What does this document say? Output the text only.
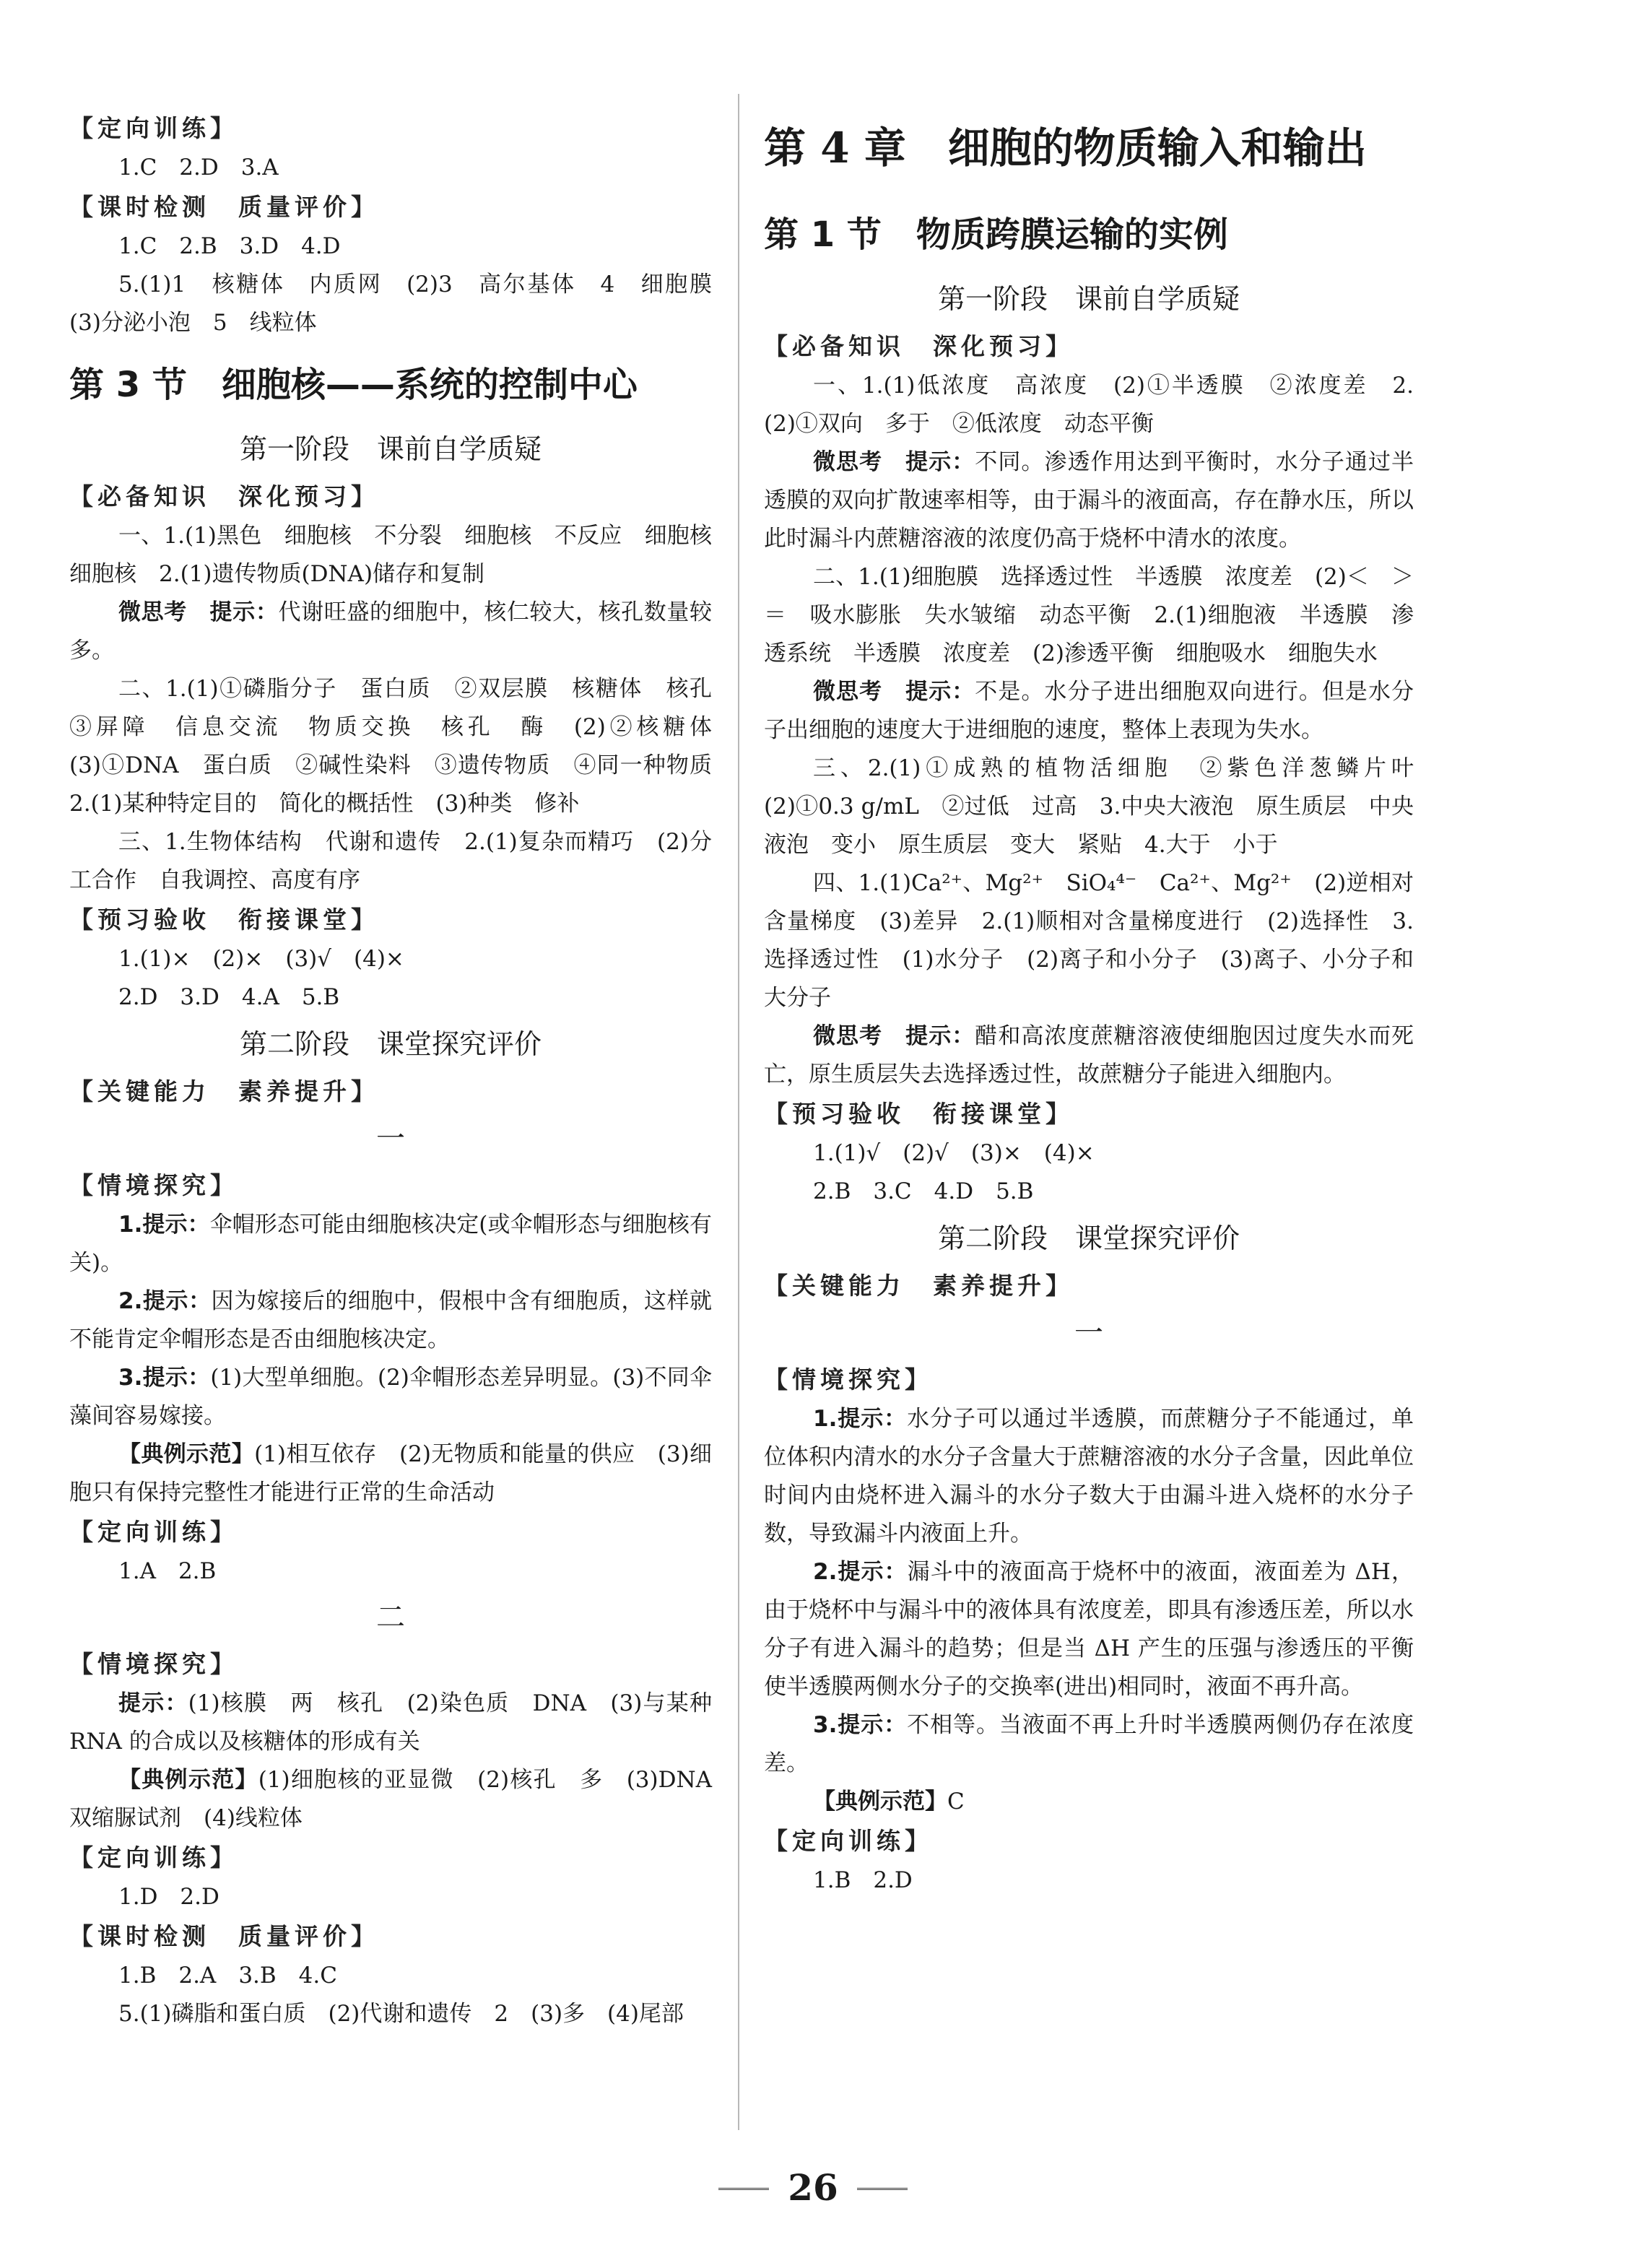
【定向训练】
1.C　2.D　3.A
【课时检测　质量评价】
1.C　2.B　3.D　4.D
5.(1)1　核糖体　内质网　(2)3　高尔基体　4　细胞膜　(3)分泌小泡　5　线粒体
第 3 节　细胞核——系统的控制中心
第一阶段　课前自学质疑
【必备知识　深化预习】
一、1.(1)黑色　细胞核　不分裂　细胞核　不反应　细胞核　细胞核　2.(1)遗传物质(DNA)储存和复制
微思考　提示：代谢旺盛的细胞中，核仁较大，核孔数量较多。
二、1.(1)①磷脂分子　蛋白质　②双层膜　核糖体　核孔　③屏障　信息交流　物质交换　核孔　酶　(2)②核糖体　(3)①DNA　蛋白质　②碱性染料　③遗传物质　④同一种物质　2.(1)某种特定目的　简化的概括性　(3)种类　修补
三、1.生物体结构　代谢和遗传　2.(1)复杂而精巧　(2)分工合作　自我调控、高度有序
【预习验收　衔接课堂】
1.(1)×　(2)×　(3)√　(4)×
2.D　3.D　4.A　5.B
第二阶段　课堂探究评价
【关键能力　素养提升】
一
【情境探究】
1.提示：伞帽形态可能由细胞核决定(或伞帽形态与细胞核有关)。
2.提示：因为嫁接后的细胞中，假根中含有细胞质，这样就不能肯定伞帽形态是否由细胞核决定。
3.提示：(1)大型单细胞。(2)伞帽形态差异明显。(3)不同伞藻间容易嫁接。
【典例示范】(1)相互依存　(2)无物质和能量的供应　(3)细胞只有保持完整性才能进行正常的生命活动
【定向训练】
1.A　2.B
二
【情境探究】
提示：(1)核膜　两　核孔　(2)染色质　DNA　(3)与某种 RNA 的合成以及核糖体的形成有关
【典例示范】(1)细胞核的亚显微　(2)核孔　多　(3)DNA　双缩脲试剂　(4)线粒体
【定向训练】
1.D　2.D
【课时检测　质量评价】
1.B　2.A　3.B　4.C
5.(1)磷脂和蛋白质　(2)代谢和遗传　2　(3)多　(4)尾部
第 4 章　细胞的物质输入和输出
第 1 节　物质跨膜运输的实例
第一阶段　课前自学质疑
【必备知识　深化预习】
一、1.(1)低浓度　高浓度　(2)①半透膜　②浓度差　2.(2)①双向　多于　②低浓度　动态平衡
微思考　提示：不同。渗透作用达到平衡时，水分子通过半透膜的双向扩散速率相等，由于漏斗的液面高，存在静水压，所以此时漏斗内蔗糖溶液的浓度仍高于烧杯中清水的浓度。
二、1.(1)细胞膜　选择透过性　半透膜　浓度差　(2)＜　＞　＝　吸水膨胀　失水皱缩　动态平衡　2.(1)细胞液　半透膜　渗透系统　半透膜　浓度差　(2)渗透平衡　细胞吸水　细胞失水
微思考　提示：不是。水分子进出细胞双向进行。但是水分子出细胞的速度大于进细胞的速度，整体上表现为失水。
三、2.(1)①成熟的植物活细胞　②紫色洋葱鳞片叶　(2)①0.3 g/mL　②过低　过高　3.中央大液泡　原生质层　中央液泡　变小　原生质层　变大　紧贴　4.大于　小于
四、1.(1)Ca²⁺、Mg²⁺　SiO₄⁴⁻　Ca²⁺、Mg²⁺　(2)逆相对含量梯度　(3)差异　2.(1)顺相对含量梯度进行　(2)选择性　3.选择透过性　(1)水分子　(2)离子和小分子　(3)离子、小分子和大分子
微思考　提示：醋和高浓度蔗糖溶液使细胞因过度失水而死亡，原生质层失去选择透过性，故蔗糖分子能进入细胞内。
【预习验收　衔接课堂】
1.(1)√　(2)√　(3)×　(4)×
2.B　3.C　4.D　5.B
第二阶段　课堂探究评价
【关键能力　素养提升】
一
【情境探究】
1.提示：水分子可以通过半透膜，而蔗糖分子不能通过，单位体积内清水的水分子含量大于蔗糖溶液的水分子含量，因此单位时间内由烧杯进入漏斗的水分子数大于由漏斗进入烧杯的水分子数，导致漏斗内液面上升。
2.提示：漏斗中的液面高于烧杯中的液面，液面差为 ΔH，由于烧杯中与漏斗中的液体具有浓度差，即具有渗透压差，所以水分子有进入漏斗的趋势；但是当 ΔH 产生的压强与渗透压的平衡使半透膜两侧水分子的交换率(进出)相同时，液面不再升高。
3.提示：不相等。当液面不再上升时半透膜两侧仍存在浓度差。
【典例示范】C
【定向训练】
1.B　2.D
26
